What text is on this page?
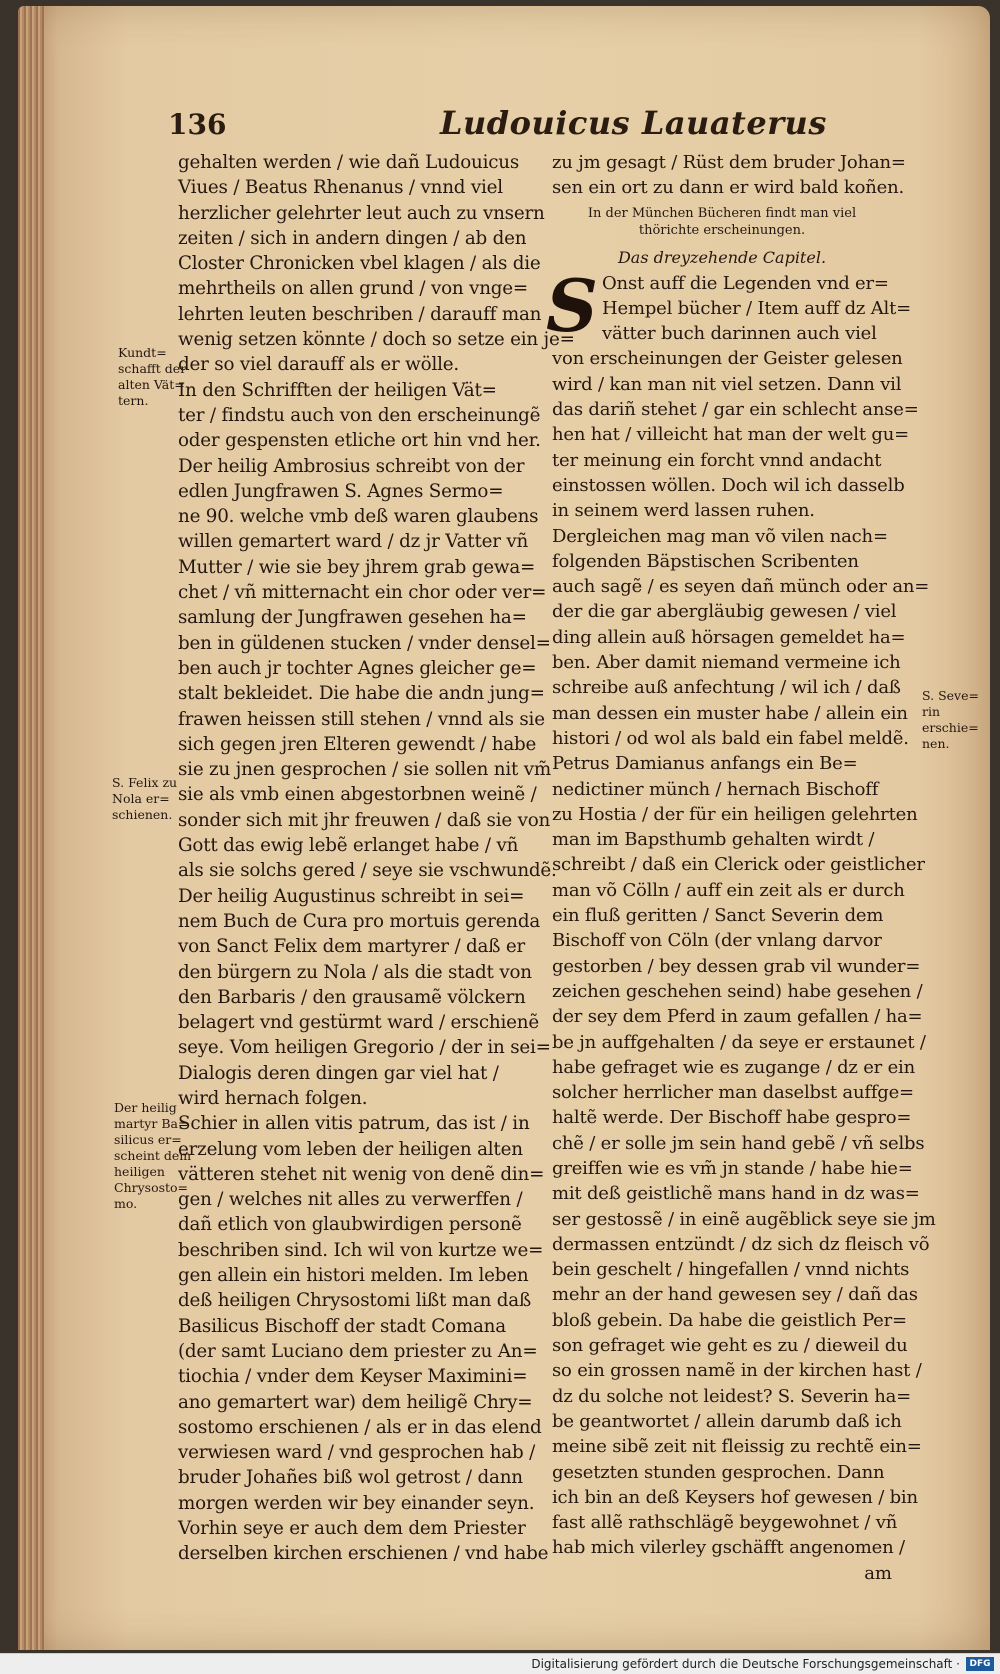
136	Ludouicus Lauaterus
gehalten werden / wie dañ Ludouicus
Viues / Beatus Rhenanus / vnnd viel
herzlicher gelehrter leut auch zu vnsern
zeiten / sich in andern dingen / ab den
Closter Chronicken vbel klagen / als die
mehrtheils on allen grund / von vnge=
lehrten leuten beschriben / darauff man
wenig setzen könnte / doch so setze ein je=
der so viel darauff als er wölle.
In den Schrifften der heiligen Vät=
ter / findstu auch von den erscheinungẽ
oder gespensten etliche ort hin vnd her.
Der heilig Ambrosius schreibt von der
edlen Jungfrawen S. Agnes Sermo=
ne 90. welche vmb deß waren glaubens
willen gemartert ward / dz jr Vatter vñ
Mutter / wie sie bey jhrem grab gewa=
chet / vñ mitternacht ein chor oder ver=
samlung der Jungfrawen gesehen ha=
ben in güldenen stucken / vnder densel=
ben auch jr tochter Agnes gleicher ge=
stalt bekleidet. Die habe die andn jung=
frawen heissen still stehen / vnnd als sie
sich gegen jren Elteren gewendt / habe
sie zu jnen gesprochen / sie sollen nit vm̃
sie als vmb einen abgestorbnen weinẽ /
sonder sich mit jhr freuwen / daß sie von
Gott das ewig lebẽ erlanget habe / vñ
als sie solchs gered / seye sie vschwundẽ.
Der heilig Augustinus schreibt in sei=
nem Buch de Cura pro mortuis gerenda
von Sanct Felix dem martyrer / daß er
den bürgern zu Nola / als die stadt von
den Barbaris / den grausamẽ völckern
belagert vnd gestürmt ward / erschienẽ
seye. Vom heiligen Gregorio / der in sei=
Dialogis deren dingen gar viel hat /
wird hernach folgen.
Schier in allen vitis patrum, das ist / in
erzelung vom leben der heiligen alten
vätteren stehet nit wenig von denẽ din=
gen / welches nit alles zu verwerffen /
dañ etlich von glaubwirdigen personẽ
beschriben sind. Ich wil von kurtze we=
gen allein ein histori melden. Im leben
deß heiligen Chrysostomi lißt man daß
Basilicus Bischoff der stadt Comana
(der samt Luciano dem priester zu An=
tiochia / vnder dem Keyser Maximini=
ano gemartert war) dem heiligẽ Chry=
sostomo erschienen / als er in das elend
verwiesen ward / vnd gesprochen hab /
bruder Johañes biß wol getrost / dann
morgen werden wir bey einander seyn.
Vorhin seye er auch dem dem Priester
derselben kirchen erschienen / vnd habe
zu jm gesagt / Rüst dem bruder Johan=
sen ein ort zu dann er wird bald koñen.
In der München Bücheren findt man viel
thörichte erscheinungen.
Das dreyzehende Capitel.
S Onst auff die Legenden vnd er=
Hempel bücher / Item auff dz Alt=
vätter buch darinnen auch viel
von erscheinungen der Geister gelesen
wird / kan man nit viel setzen. Dann vil
das dariñ stehet / gar ein schlecht anse=
hen hat / villeicht hat man der welt gu=
ter meinung ein forcht vnnd andacht
einstossen wöllen. Doch wil ich dasselb
in seinem werd lassen ruhen.
Dergleichen mag man võ vilen nach=
folgenden Bäpstischen Scribenten
auch sagẽ / es seyen dañ münch oder an=
der die gar abergläubig gewesen / viel
ding allein auß hörsagen gemeldet ha=
ben. Aber damit niemand vermeine ich
schreibe auß anfechtung / wil ich / daß
man dessen ein muster habe / allein ein
histori / od wol als bald ein fabel meldẽ.
Petrus Damianus anfangs ein Be=
nedictiner münch / hernach Bischoff
zu Hostia / der für ein heiligen gelehrten
man im Bapsthumb gehalten wirdt /
schreibt / daß ein Clerick oder geistlicher
man võ Cölln / auff ein zeit als er durch
ein fluß geritten / Sanct Severin dem
Bischoff von Cöln (der vnlang darvor
gestorben / bey dessen grab vil wunder=
zeichen geschehen seind) habe gesehen /
der sey dem Pferd in zaum gefallen / ha=
be jn auffgehalten / da seye er erstaunet /
habe gefraget wie es zugange / dz er ein
solcher herrlicher man daselbst auffge=
haltẽ werde. Der Bischoff habe gespro=
chẽ / er solle jm sein hand gebẽ / vñ selbs
greiffen wie es vm̃ jn stande / habe hie=
mit deß geistlichẽ mans hand in dz was=
ser gestossẽ / in einẽ augẽblick seye sie jm
dermassen entzündt / dz sich dz fleisch võ
bein geschelt / hingefallen / vnnd nichts
mehr an der hand gewesen sey / dañ das
bloß gebein. Da habe die geistlich Per=
son gefraget wie geht es zu / dieweil du
so ein grossen namẽ in der kirchen hast /
dz du solche not leidest? S. Severin ha=
be geantwortet / allein darumb daß ich
meine sibẽ zeit nit fleissig zu rechtẽ ein=
gesetzten stunden gesprochen. Dann
ich bin an deß Keysers hof gewesen / bin
fast allẽ rathschlägẽ beygewohnet / vñ
hab mich vilerley gschäfft angenomen /
am
Kundt=
schafft der
alten Vät=
tern.
S. Felix zu
Nola er=
schienen.
Der heilig
martyr Ba=
silicus er=
scheint dem
heiligen
Chrysosto=
mo.
S. Seve=
rin erschie=
nen.
Digitalisierung gefördert durch die Deutsche Forschungsgemeinschaft ·	DFG
